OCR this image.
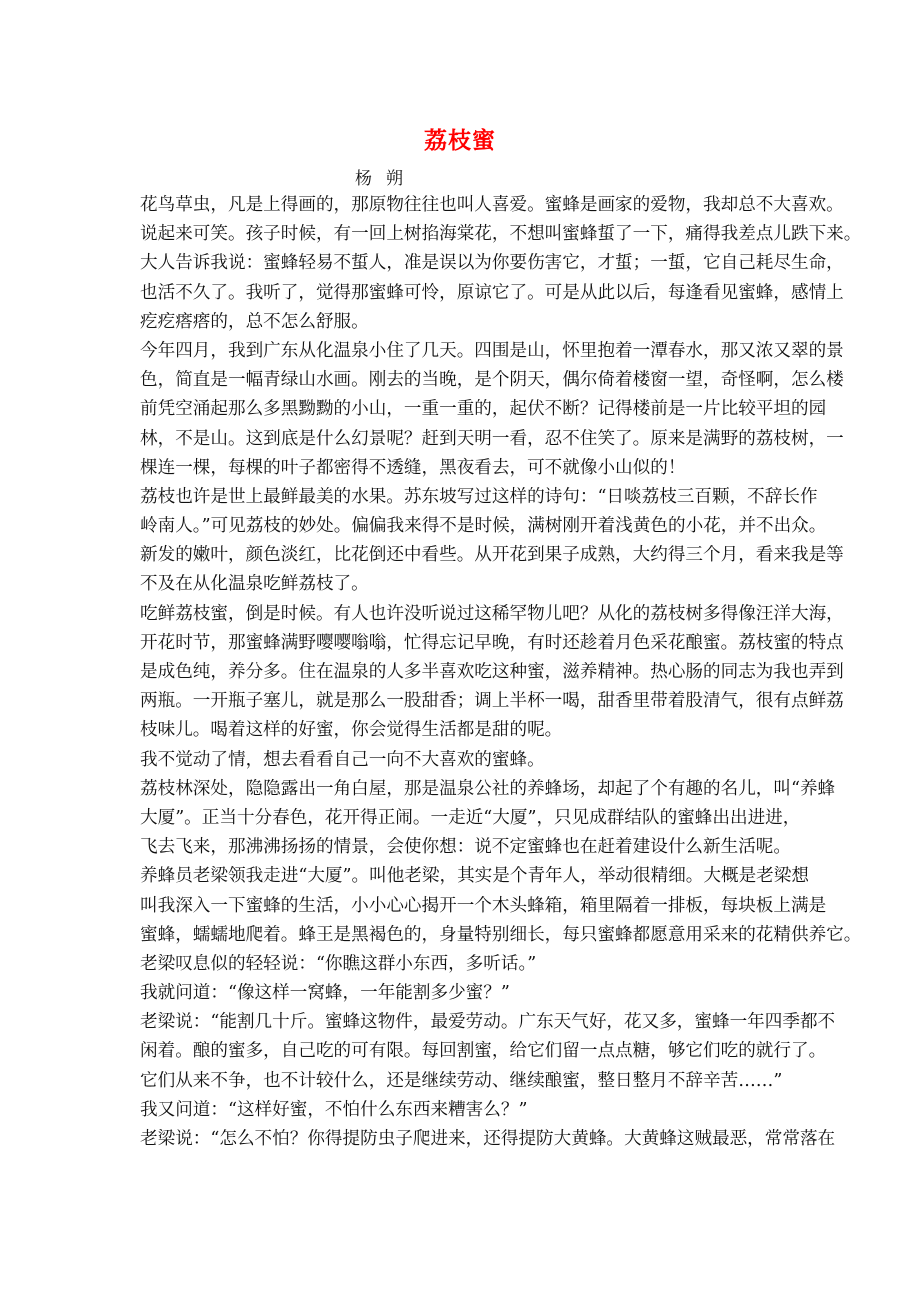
荔枝蜜
杨朔
花鸟草虫，凡是上得画的，那原物往往也叫人喜爱。蜜蜂是画家的爱物，我却总不大喜欢。
说起来可笑。孩子时候，有一回上树掐海棠花，不想叫蜜蜂蜇了一下，痛得我差点儿跌下来。
大人告诉我说：蜜蜂轻易不蜇人，准是误以为你要伤害它，才蜇；一蜇，它自己耗尽生命，
也活不久了。我听了，觉得那蜜蜂可怜，原谅它了。可是从此以后，每逢看见蜜蜂，感情上
疙疙瘩瘩的，总不怎么舒服。
今年四月，我到广东从化温泉小住了几天。四围是山，怀里抱着一潭春水，那又浓又翠的景
色，简直是一幅青绿山水画。刚去的当晚，是个阴天，偶尔倚着楼窗一望，奇怪啊，怎么楼
前凭空涌起那么多黑黝黝的小山，一重一重的，起伏不断？记得楼前是一片比较平坦的园
林，不是山。这到底是什么幻景呢？赶到天明一看，忍不住笑了。原来是满野的荔枝树，一
棵连一棵，每棵的叶子都密得不透缝，黑夜看去，可不就像小山似的！
荔枝也许是世上最鲜最美的水果。苏东坡写过这样的诗句：“日啖荔枝三百颗，不辞长作
岭南人。”可见荔枝的妙处。偏偏我来得不是时候，满树刚开着浅黄色的小花，并不出众。
新发的嫩叶，颜色淡红，比花倒还中看些。从开花到果子成熟，大约得三个月，看来我是等
不及在从化温泉吃鲜荔枝了。
吃鲜荔枝蜜，倒是时候。有人也许没听说过这稀罕物儿吧？从化的荔枝树多得像汪洋大海，
开花时节，那蜜蜂满野嘤嘤嗡嗡，忙得忘记早晚，有时还趁着月色采花酿蜜。荔枝蜜的特点
是成色纯，养分多。住在温泉的人多半喜欢吃这种蜜，滋养精神。热心肠的同志为我也弄到
两瓶。一开瓶子塞儿，就是那么一股甜香；调上半杯一喝，甜香里带着股清气，很有点鲜荔
枝味儿。喝着这样的好蜜，你会觉得生活都是甜的呢。
我不觉动了情，想去看看自己一向不大喜欢的蜜蜂。
荔枝林深处，隐隐露出一角白屋，那是温泉公社的养蜂场，却起了个有趣的名儿，叫“养蜂
大厦”。正当十分春色，花开得正闹。一走近“大厦”，只见成群结队的蜜蜂出出进进，
飞去飞来，那沸沸扬扬的情景，会使你想：说不定蜜蜂也在赶着建设什么新生活呢。
养蜂员老梁领我走进“大厦”。叫他老梁，其实是个青年人，举动很精细。大概是老梁想
叫我深入一下蜜蜂的生活，小小心心揭开一个木头蜂箱，箱里隔着一排板，每块板上满是
蜜蜂，蠕蠕地爬着。蜂王是黑褐色的，身量特别细长，每只蜜蜂都愿意用采来的花精供养它。
老梁叹息似的轻轻说：“你瞧这群小东西，多听话。”
我就问道：“像这样一窝蜂，一年能割多少蜜？”
老梁说：“能割几十斤。蜜蜂这物件，最爱劳动。广东天气好，花又多，蜜蜂一年四季都不
闲着。酿的蜜多，自己吃的可有限。每回割蜜，给它们留一点点糖，够它们吃的就行了。
它们从来不争，也不计较什么，还是继续劳动、继续酿蜜，整日整月不辞辛苦……”
我又问道：“这样好蜜，不怕什么东西来糟害么？”
老梁说：“怎么不怕？你得提防虫子爬进来，还得提防大黄蜂。大黄蜂这贼最恶，常常落在
